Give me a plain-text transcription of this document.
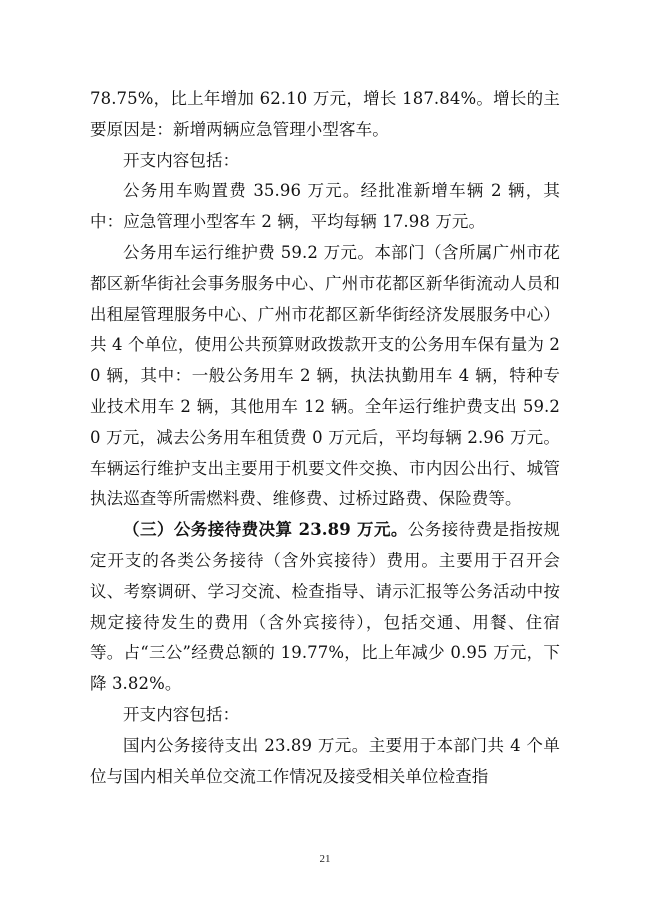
78.75%，比上年增加 62.10 万元，增长 187.84%。增长的主要原因是：新增两辆应急管理小型客车。

开支内容包括：

公务用车购置费 35.96 万元。经批准新增车辆 2 辆，其中：应急管理小型客车 2 辆，平均每辆 17.98 万元。

公务用车运行维护费 59.2 万元。本部门（含所属广州市花都区新华街社会事务服务中心、广州市花都区新华街流动人员和出租屋管理服务中心、广州市花都区新华街经济发展服务中心）共 4 个单位，使用公共预算财政拨款开支的公务用车保有量为 20 辆，其中：一般公务用车 2 辆，执法执勤用车 4 辆，特种专业技术用车 2 辆，其他用车 12 辆。全年运行维护费支出 59.20 万元，减去公务用车租赁费 0 万元后，平均每辆 2.96 万元。车辆运行维护支出主要用于机要文件交换、市内因公出行、城管执法巡查等所需燃料费、维修费、过桥过路费、保险费等。

（三）公务接待费决算 23.89 万元。公务接待费是指按规定开支的各类公务接待（含外宾接待）费用。主要用于召开会议、考察调研、学习交流、检查指导、请示汇报等公务活动中按规定接待发生的费用（含外宾接待），包括交通、用餐、住宿等。占“三公”经费总额的 19.77%，比上年减少 0.95 万元，下降 3.82%。

开支内容包括：

国内公务接待支出 23.89 万元。主要用于本部门共 4 个单位与国内相关单位交流工作情况及接受相关单位检查指

21
